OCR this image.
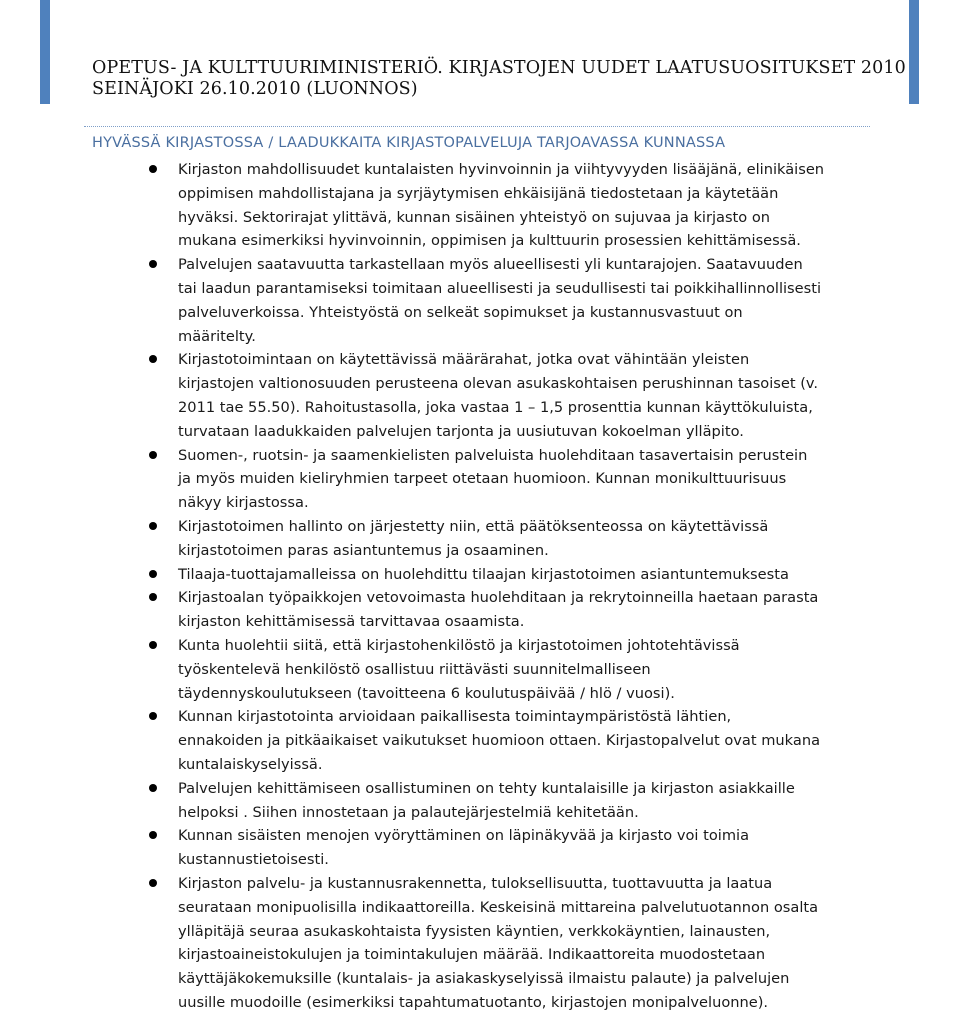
OPETUS- JA KULTTUURIMINISTERIÖ. KIRJASTOJEN UUDET LAATUSUOSITUKSET 2010
SEINÄJOKI 26.10.2010 (LUONNOS)
HYVÄSSÄ KIRJASTOSSA / LAADUKKAITA KIRJASTOPALVELUJA TARJOAVASSA KUNNASSA
Kirjaston mahdollisuudet kuntalaisten hyvinvoinnin ja viihtyvyyden lisääjänä, elinikäisen
oppimisen mahdollistajana ja syrjäytymisen ehkäisijänä tiedostetaan ja käytetään
hyväksi. Sektorirajat ylittävä, kunnan sisäinen yhteistyö on sujuvaa ja kirjasto on
mukana esimerkiksi hyvinvoinnin, oppimisen ja kulttuurin prosessien kehittämisessä.
Palvelujen saatavuutta tarkastellaan myös alueellisesti yli kuntarajojen. Saatavuuden
tai laadun parantamiseksi toimitaan alueellisesti ja seudullisesti tai poikkihallinnollisesti
palveluverkoissa. Yhteistyöstä on selkeät sopimukset ja kustannusvastuut on
määritelty.
Kirjastotoimintaan on käytettävissä määrärahat, jotka ovat vähintään yleisten
kirjastojen valtionosuuden perusteena olevan asukaskohtaisen perushinnan tasoiset (v.
2011 tae 55.50). Rahoitustasolla, joka vastaa 1 – 1,5 prosenttia kunnan käyttökuluista,
turvataan laadukkaiden palvelujen tarjonta ja uusiutuvan kokoelman ylläpito.
Suomen-, ruotsin- ja saamenkielisten palveluista huolehditaan tasavertaisin perustein
ja myös muiden kieliryhmien tarpeet otetaan huomioon. Kunnan monikulttuurisuus
näkyy kirjastossa.
Kirjastotoimen hallinto on järjestetty niin, että päätöksenteossa on käytettävissä
kirjastotoimen paras asiantuntemus ja osaaminen.
Tilaaja-tuottajamalleissa on huolehdittu tilaajan kirjastotoimen asiantuntemuksesta
Kirjastoalan työpaikkojen vetovoimasta huolehditaan ja rekrytoinneilla haetaan parasta
kirjaston kehittämisessä tarvittavaa osaamista.
Kunta huolehtii siitä, että kirjastohenkilöstö ja kirjastotoimen johtotehtävissä
työskentelevä henkilöstö osallistuu riittävästi suunnitelmalliseen
täydennyskoulutukseen (tavoitteena 6 koulutuspäivää / hlö / vuosi).
Kunnan kirjastotointa arvioidaan paikallisesta toimintaympäristöstä lähtien,
ennakoiden ja pitkäaikaiset vaikutukset huomioon ottaen. Kirjastopalvelut ovat mukana
kuntalaiskyselyissä.
Palvelujen kehittämiseen osallistuminen on tehty kuntalaisille ja kirjaston asiakkaille
helpoksi . Siihen innostetaan ja palautejärjestelmiä kehitetään.
Kunnan sisäisten menojen vyöryttäminen on läpinäkyvää ja kirjasto voi toimia
kustannustietoisesti.
Kirjaston palvelu- ja kustannusrakennetta, tuloksellisuutta, tuottavuutta ja laatua
seurataan monipuolisilla indikaattoreilla. Keskeisinä mittareina palvelutuotannon osalta
ylläpitäjä seuraa asukaskohtaista fyysisten käyntien, verkkokäyntien, lainausten,
kirjastoaineistokulujen ja toimintakulujen määrää. Indikaattoreita muodostetaan
käyttäjäkokemuksille (kuntalais- ja asiakaskyselyissä ilmaistu palaute) ja palvelujen
uusille muodoille (esimerkiksi tapahtumatuotanto, kirjastojen monipalveluonne).
